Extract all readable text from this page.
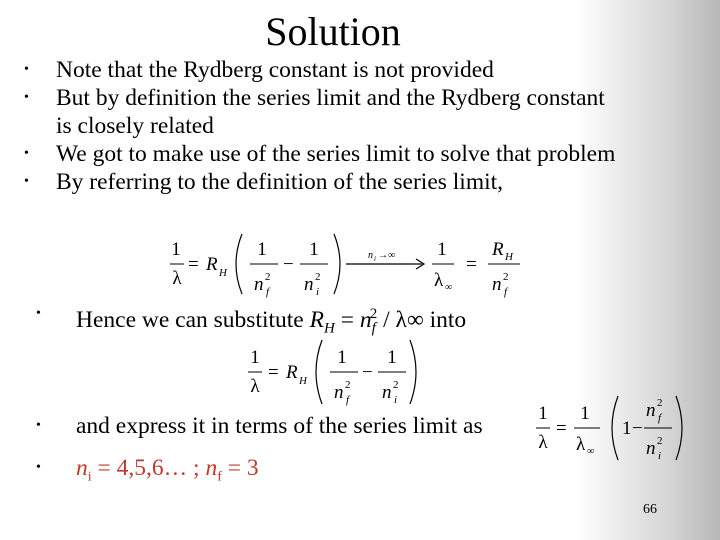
Solution
• Note that the Rydberg constant is not provided
• But by definition the series limit and the Rydberg constant
is closely related
• We got to make use of the series limit to solve that problem
• By referring to the definition of the series limit,
1
λ
= R H
1
n 2
f
−
1
n 2
i
n i →∞ 1
λ ∞
=
R H
n 2
f
• Hence we can substitute $R_H = n_f^2 / \lambda\infty$ into
1
λ
= R H
1
n 2
f
−
1
n 2
i
• and express it in terms of the series limit as	1
λ
=
1
λ ∞
1 −
n 2
f
n 2
i
• $n_i$ = 4,5,6… ; $n_f = 3$
66
